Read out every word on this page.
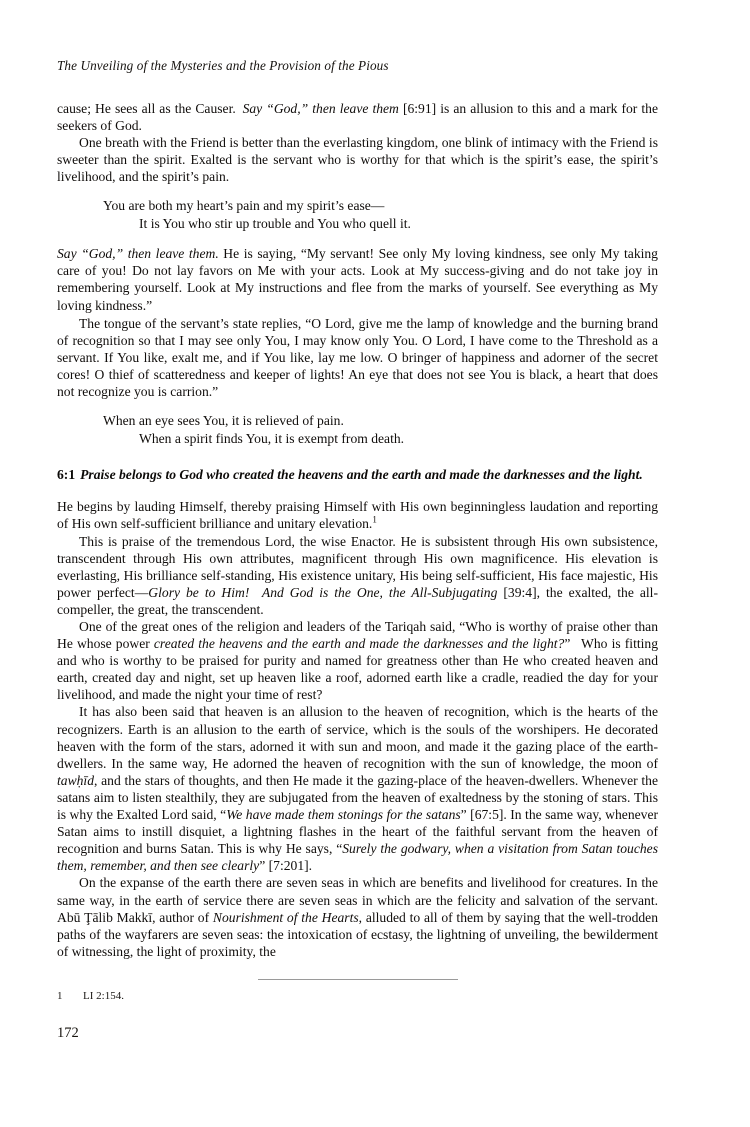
The Unveiling of the Mysteries and the Provision of the Pious

cause; He sees all as the Causer. Say “God,” then leave them [6:91] is an allusion to this and a mark for the seekers of God.

One breath with the Friend is better than the everlasting kingdom, one blink of intimacy with the Friend is sweeter than the spirit. Exalted is the servant who is worthy for that which is the spirit’s ease, the spirit’s livelihood, and the spirit’s pain.

You are both my heart’s pain and my spirit’s ease—
It is You who stir up trouble and You who quell it.

Say “God,” then leave them. He is saying, “My servant! See only My loving kindness, see only My taking care of you! Do not lay favors on Me with your acts. Look at My success-giving and do not take joy in remembering yourself. Look at My instructions and flee from the marks of yourself. See everything as My loving kindness.”

The tongue of the servant’s state replies, “O Lord, give me the lamp of knowledge and the burning brand of recognition so that I may see only You, I may know only You. O Lord, I have come to the Threshold as a servant. If You like, exalt me, and if You like, lay me low. O bringer of happiness and adorner of the secret cores! O thief of scatteredness and keeper of lights! An eye that does not see You is black, a heart that does not recognize you is carrion.”

When an eye sees You, it is relieved of pain.
When a spirit finds You, it is exempt from death.
6:1 Praise belongs to God who created the heavens and the earth and made the darknesses and the light.

He begins by lauding Himself, thereby praising Himself with His own beginningless laudation and reporting of His own self-sufficient brilliance and unitary elevation.$^1$

This is praise of the tremendous Lord, the wise Enactor. He is subsistent through His own subsistence, transcendent through His own attributes, magnificent through His own magnificence. His elevation is everlasting, His brilliance self-standing, His existence unitary, His being self-sufficient, His face majestic, His power perfect—Glory be to Him!  And God is the One, the All-Subjugating [39:4], the exalted, the all-compeller, the great, the transcendent.

One of the great ones of the religion and leaders of the Tariqah said, “Who is worthy of praise other than He whose power created the heavens and the earth and made the darknesses and the light?”  Who is fitting and who is worthy to be praised for purity and named for greatness other than He who created heaven and earth, created day and night, set up heaven like a roof, adorned earth like a cradle, readied the day for your livelihood, and made the night your time of rest?

It has also been said that heaven is an allusion to the heaven of recognition, which is the hearts of the recognizers. Earth is an allusion to the earth of service, which is the souls of the worshipers. He decorated heaven with the form of the stars, adorned it with sun and moon, and made it the gazing place of the earth-dwellers. In the same way, He adorned the heaven of recognition with the sun of knowledge, the moon of tawḥīd, and the stars of thoughts, and then He made it the gazing-place of the heaven-dwellers. Whenever the satans aim to listen stealthily, they are subjugated from the heaven of exaltedness by the stoning of stars. This is why the Exalted Lord said, “We have made them stonings for the satans” [67:5]. In the same way, whenever Satan aims to instill disquiet, a lightning flashes in the heart of the faithful servant from the heaven of recognition and burns Satan. This is why He says, “Surely the godwary, when a visitation from Satan touches them, remember, and then see clearly” [7:201].

On the expanse of the earth there are seven seas in which are benefits and livelihood for creatures. In the same way, in the earth of service there are seven seas in which are the felicity and salvation of the servant. Abū Ţālib Makkī, author of Nourishment of the Hearts, alluded to all of them by saying that the well-trodden paths of the wayfarers are seven seas: the intoxication of ecstasy, the lightning of unveiling, the bewilderment of witnessing, the light of proximity, the

1	LI 2:154.
172
